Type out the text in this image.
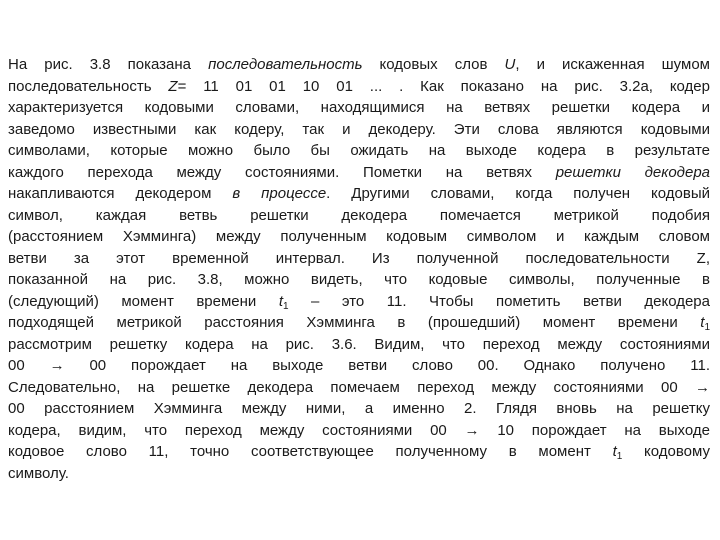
На рис. 3.8 показана последовательность кодовых слов U, и искаженная шумом
последовательность Z= 11 01 01 10 01 ... . Как показано на рис. 3.2а, кодер
характеризуется кодовыми словами, находящимися на ветвях решетки кодера и
заведомо известными как кодеру, так и декодеру. Эти слова являются кодовыми
символами, которые можно было бы ожидать на выходе кодера в результате
каждого перехода между состояниями. Пометки на ветвях решетки декодера
накапливаются декодером в процессе. Другими словами, когда получен кодовый
символ, каждая ветвь решетки декодера помечается метрикой подобия
(расстоянием Хэмминга) между полученным кодовым символом и каждым словом
ветви за этот временной интервал. Из полученной последовательности Z,
показанной на рис. 3.8, можно видеть, что кодовые символы, полученные в
(следующий) момент времени $t_1$ – это 11. Чтобы пометить ветви декодера
подходящей метрикой расстояния Хэмминга в (прошедший) момент времени $t_1$
рассмотрим решетку кодера на рис. 3.6. Видим, что переход между состояниями
00 → 00 порождает на выходе ветви слово 00. Однако получено 11.
Следовательно, на решетке декодера помечаем переход между состояниями 00 →
00 расстоянием Хэмминга между ними, а именно 2. Глядя вновь на решетку
кодера, видим, что переход между состояниями 00 → 10 порождает на выходе
кодовое слово 11, точно соответствующее полученному в момент $t_1$ кодовому
символу.
